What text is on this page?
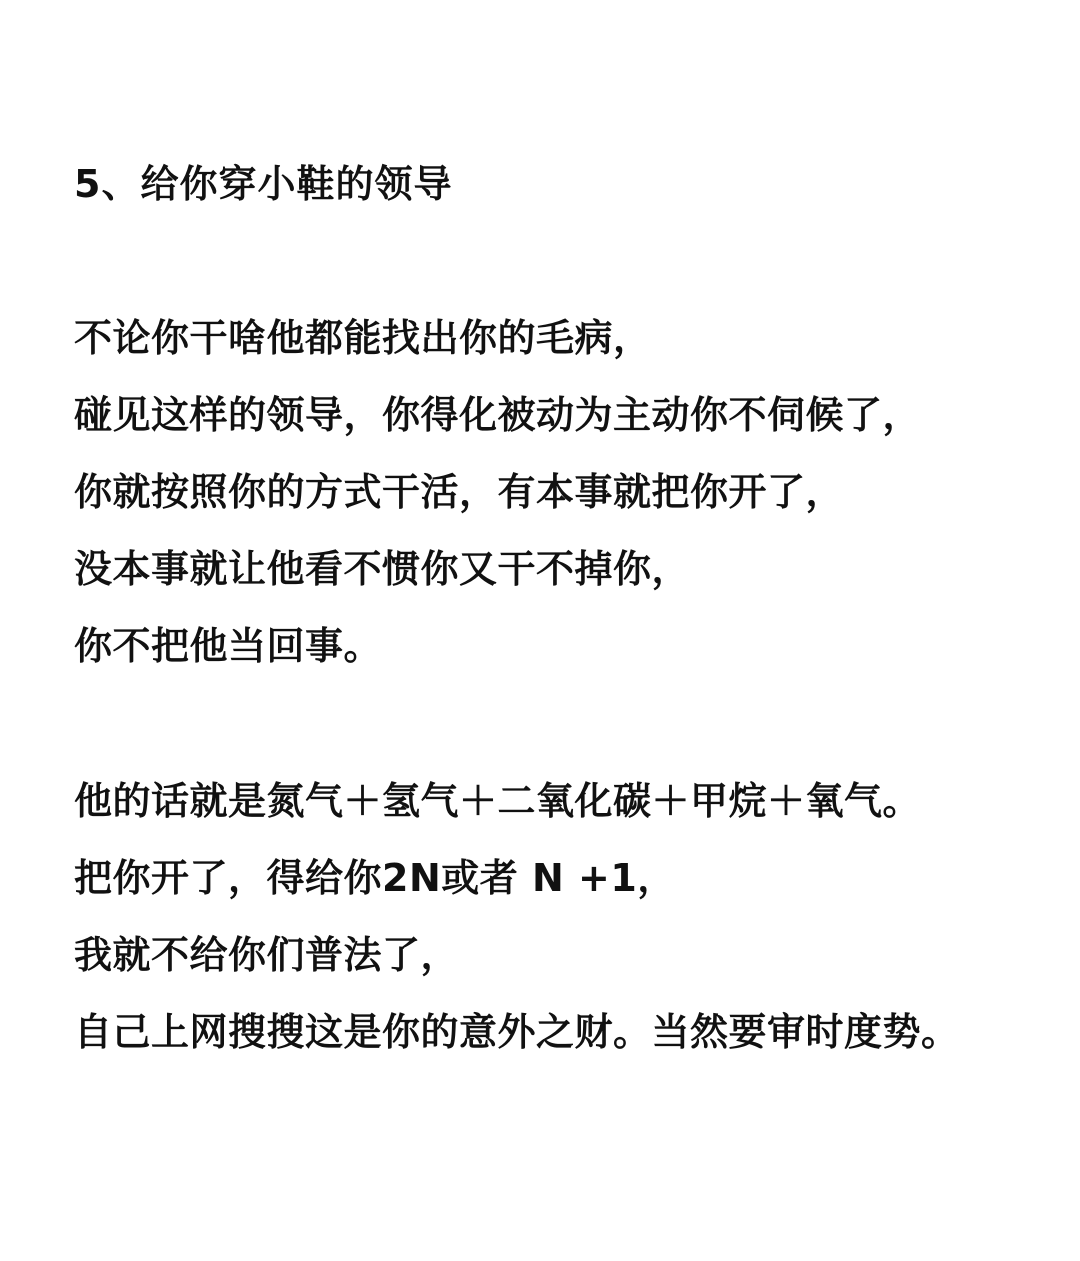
5、给你穿小鞋的领导
不论你干啥他都能找出你的毛病，
碰见这样的领导，你得化被动为主动你不伺候了，
你就按照你的方式干活，有本事就把你开了，
没本事就让他看不惯你又干不掉你，
你不把他当回事。
他的话就是氮气＋氢气＋二氧化碳＋甲烷＋氧气。
把你开了，得给你2N或者 N +1，
我就不给你们普法了，
自己上网搜搜这是你的意外之财。当然要审时度势。
